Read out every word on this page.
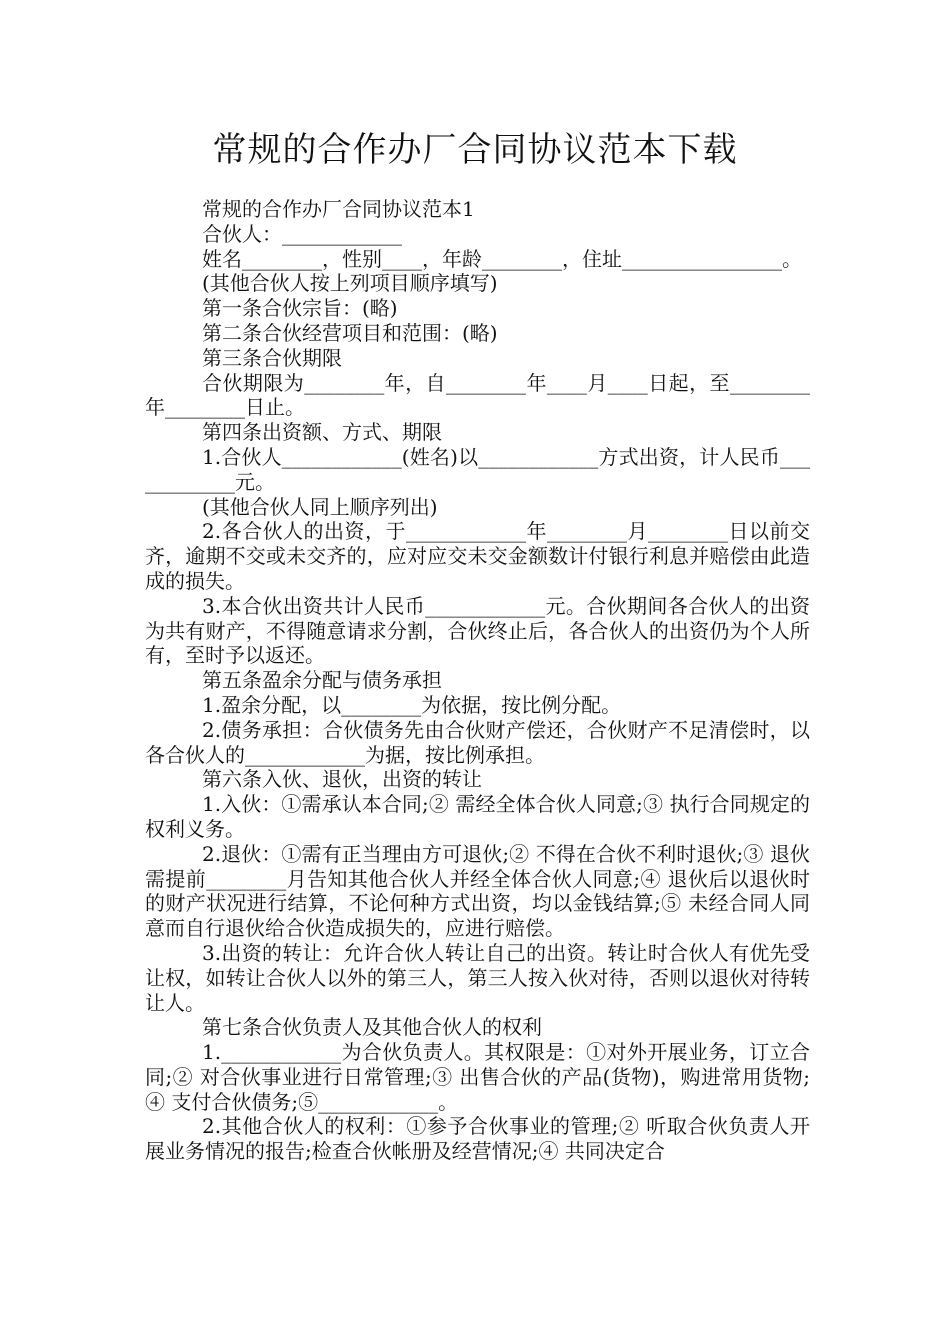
常规的合作办厂合同协议范本下载

常规的合作办厂合同协议范本1

合伙人：____________

姓名________，性别____，年龄________，住址________________。

(其他合伙人按上列项目顺序填写)

第一条合伙宗旨：(略)

第二条合伙经营项目和范围：(略)

第三条合伙期限

合伙期限为________年，自________年____月____日起，至________年________日止。

第四条出资额、方式、期限

1.合伙人____________(姓名)以____________方式出资，计人民币____________元。

(其他合伙人同上顺序列出)

2.各合伙人的出资，于____________年________月________日以前交齐，逾期不交或未交齐的，应对应交未交金额数计付银行利息并赔偿由此造成的损失。

3.本合伙出资共计人民币____________元。合伙期间各合伙人的出资为共有财产，不得随意请求分割，合伙终止后，各合伙人的出资仍为个人所有，至时予以返还。

第五条盈余分配与债务承担

1.盈余分配，以________为依据，按比例分配。

2.债务承担：合伙债务先由合伙财产偿还，合伙财产不足清偿时，以各合伙人的____________为据，按比例承担。

第六条入伙、退伙，出资的转让

1.入伙：①需承认本合同;② 需经全体合伙人同意;③ 执行合同规定的权利义务。

2.退伙：①需有正当理由方可退伙;② 不得在合伙不利时退伙;③ 退伙需提前________月告知其他合伙人并经全体合伙人同意;④ 退伙后以退伙时的财产状况进行结算，不论何种方式出资，均以金钱结算;⑤ 未经合同人同意而自行退伙给合伙造成损失的，应进行赔偿。

3.出资的转让：允许合伙人转让自己的出资。转让时合伙人有优先受让权，如转让合伙人以外的第三人，第三人按入伙对待，否则以退伙对待转让人。

第七条合伙负责人及其他合伙人的权利

1.____________为合伙负责人。其权限是：①对外开展业务，订立合同;② 对合伙事业进行日常管理;③ 出售合伙的产品(货物)，购进常用货物;④ 支付合伙债务;⑤____________。

2.其他合伙人的权利：①参予合伙事业的管理;② 听取合伙负责人开展业务情况的报告;检查合伙帐册及经营情况;④ 共同决定合
